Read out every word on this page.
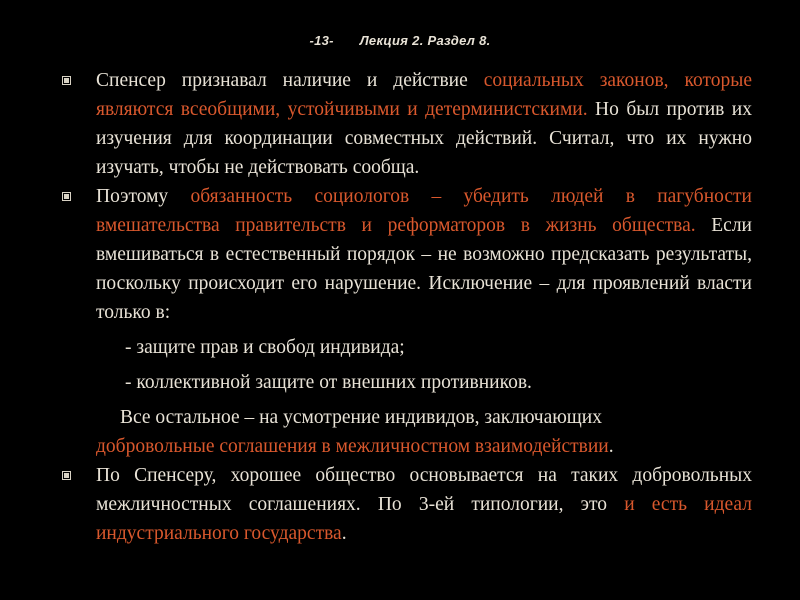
-13- Лекция 2. Раздел 8.
Спенсер признавал наличие и действие социальных законов, которые являются всеобщими, устойчивыми и детерминистскими. Но был против их изучения для координации совместных действий. Считал, что их нужно изучать, чтобы не действовать сообща.
Поэтому обязанность социологов – убедить людей в пагубности вмешательства правительств и реформаторов в жизнь общества. Если вмешиваться в естественный порядок – не возможно предсказать результаты, поскольку происходит его нарушение. Исключение – для проявлений власти только в:
- защите прав и свобод индивида;
- коллективной защите от внешних противников.
Все остальное – на усмотрение индивидов, заключающих
добровольные соглашения в межличностном взаимодействии.
По Спенсеру, хорошее общество основывается на таких добровольных межличностных соглашениях. По 3-ей типологии, это и есть идеал индустриального государства.
